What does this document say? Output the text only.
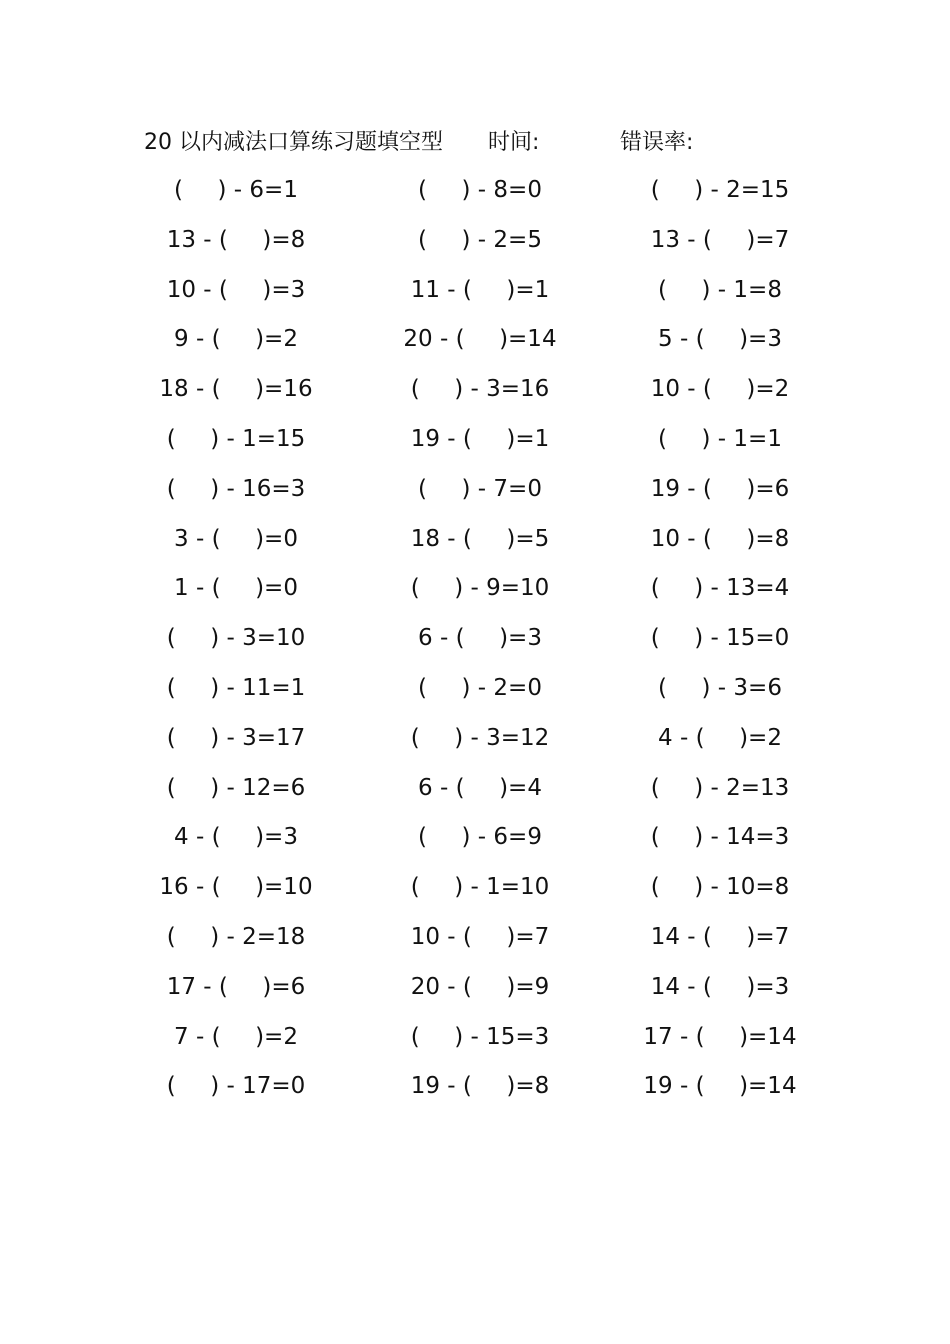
20 以内减法口算练习题填空型 时间:	错误率:
(  ) - 6=1	(  ) - 8=0	(  ) - 2=15
13 - (  )=8	(  ) - 2=5	13 - (  )=7
10 - (  )=3	11 - (  )=1	(  ) - 1=8
9 - (  )=2	20 - (  )=14	5 - (  )=3
18 - (  )=16	(  ) - 3=16	10 - (  )=2
(  ) - 1=15	19 - (  )=1	(  ) - 1=1
(  ) - 16=3	(  ) - 7=0	19 - (  )=6
3 - (  )=0	18 - (  )=5	10 - (  )=8
1 - (  )=0	(  ) - 9=10	(  ) - 13=4
(  ) - 3=10	6 - (  )=3	(  ) - 15=0
(  ) - 11=1	(  ) - 2=0	(  ) - 3=6
(  ) - 3=17	(  ) - 3=12	4 - (  )=2
(  ) - 12=6	6 - (  )=4	(  ) - 2=13
4 - (  )=3	(  ) - 6=9	(  ) - 14=3
16 - (  )=10	(  ) - 1=10	(  ) - 10=8
(  ) - 2=18	10 - (  )=7	14 - (  )=7
17 - (  )=6	20 - (  )=9	14 - (  )=3
7 - (  )=2	(  ) - 15=3	17 - (  )=14
(  ) - 17=0	19 - (  )=8	19 - (  )=14
